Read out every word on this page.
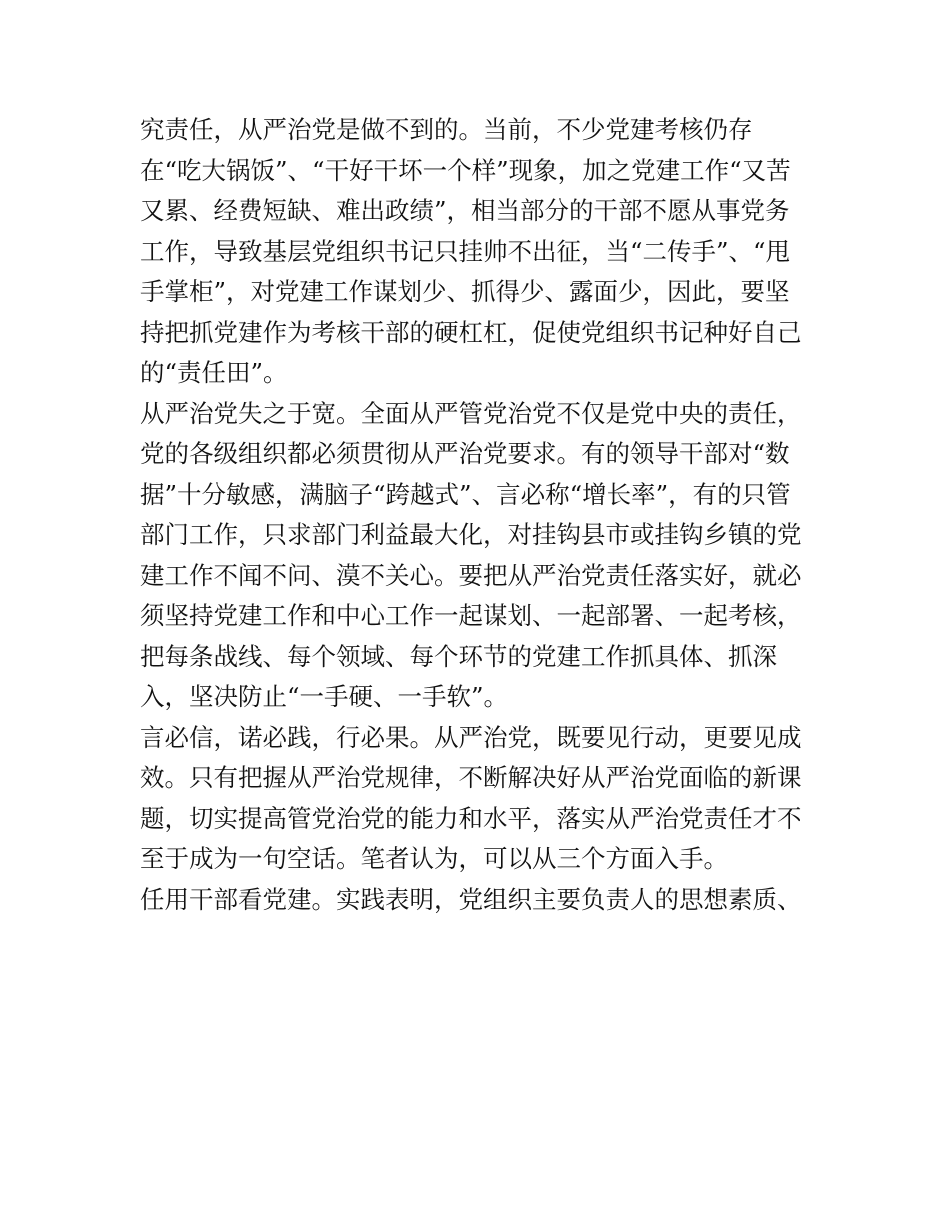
究责任，从严治党是做不到的。当前，不少党建考核仍存
在“吃大锅饭”、“干好干坏一个样”现象，加之党建工作“又苦
又累、经费短缺、难出政绩”，相当部分的干部不愿从事党务
工作，导致基层党组织书记只挂帅不出征，当“二传手”、“甩
手掌柜”，对党建工作谋划少、抓得少、露面少，因此，要坚
持把抓党建作为考核干部的硬杠杠，促使党组织书记种好自己
的“责任田”。
从严治党失之于宽。全面从严管党治党不仅是党中央的责任，
党的各级组织都必须贯彻从严治党要求。有的领导干部对“数
据”十分敏感，满脑子“跨越式”、言必称“增长率”，有的只管
部门工作，只求部门利益最大化，对挂钩县市或挂钩乡镇的党
建工作不闻不问、漠不关心。要把从严治党责任落实好，就必
须坚持党建工作和中心工作一起谋划、一起部署、一起考核，
把每条战线、每个领域、每个环节的党建工作抓具体、抓深
入，坚决防止“一手硬、一手软”。
言必信，诺必践，行必果。从严治党，既要见行动，更要见成
效。只有把握从严治党规律，不断解决好从严治党面临的新课
题，切实提高管党治党的能力和水平，落实从严治党责任才不
至于成为一句空话。笔者认为，可以从三个方面入手。
任用干部看党建。实践表明，党组织主要负责人的思想素质、
